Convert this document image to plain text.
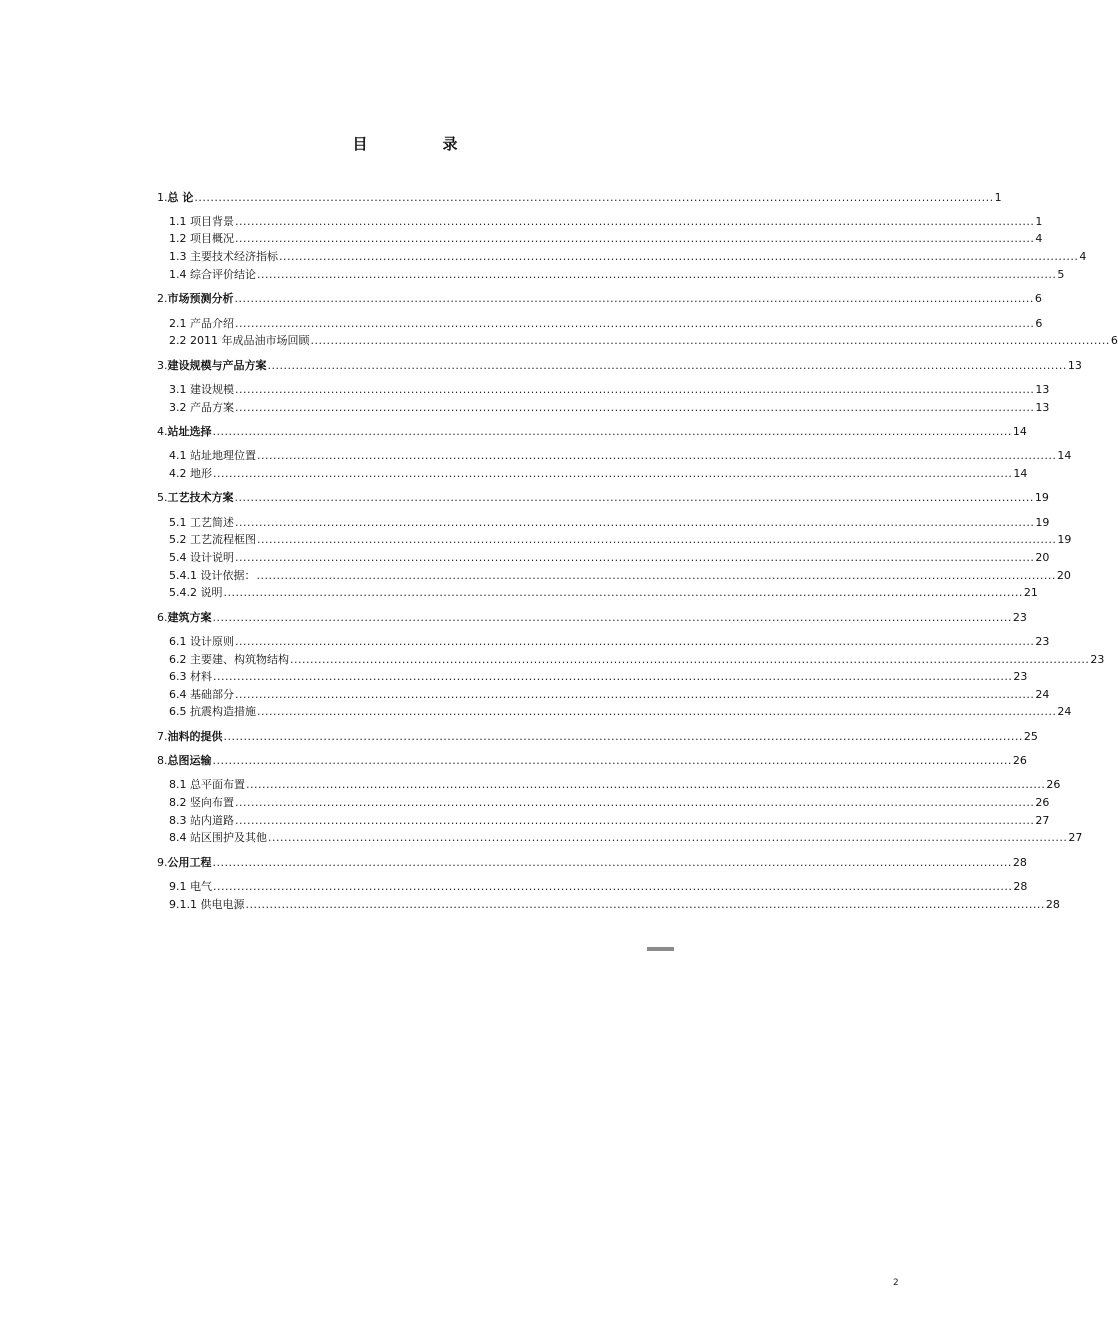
目　录
1.总 论 ........................................................................................................................................................................................................ 1
1.1 项目背景 ........................................................................................................................................................................................................ 1
1.2 项目概况 ........................................................................................................................................................................................................ 4
1.3 主要技术经济指标 ........................................................................................................................................................................................................ 4
1.4 综合评价结论 ........................................................................................................................................................................................................ 5
2.市场预测分析 ........................................................................................................................................................................................................ 6
2.1 产品介绍 ........................................................................................................................................................................................................ 6
2.2 2011 年成品油市场回顾 ........................................................................................................................................................................................................ 6
3.建设规模与产品方案 ........................................................................................................................................................................................................ 13
3.1 建设规模 ........................................................................................................................................................................................................ 13
3.2 产品方案 ........................................................................................................................................................................................................ 13
4.站址选择 ........................................................................................................................................................................................................ 14
4.1 站址地理位置 ........................................................................................................................................................................................................ 14
4.2 地形 ........................................................................................................................................................................................................ 14
5.工艺技术方案 ........................................................................................................................................................................................................ 19
5.1 工艺简述 ........................................................................................................................................................................................................ 19
5.2 工艺流程框图 ........................................................................................................................................................................................................ 19
5.4 设计说明 ........................................................................................................................................................................................................ 20
5.4.1 设计依据： ........................................................................................................................................................................................................ 20
5.4.2 说明 ........................................................................................................................................................................................................ 21
6.建筑方案 ........................................................................................................................................................................................................ 23
6.1 设计原则 ........................................................................................................................................................................................................ 23
6.2 主要建、构筑物结构 ........................................................................................................................................................................................................ 23
6.3 材料 ........................................................................................................................................................................................................ 23
6.4 基础部分 ........................................................................................................................................................................................................ 24
6.5 抗震构造措施 ........................................................................................................................................................................................................ 24
7.油料的提供 ........................................................................................................................................................................................................ 25
8.总图运输 ........................................................................................................................................................................................................ 26
8.1 总平面布置 ........................................................................................................................................................................................................ 26
8.2 竖向布置 ........................................................................................................................................................................................................ 26
8.3 站内道路 ........................................................................................................................................................................................................ 27
8.4 站区围护及其他 ........................................................................................................................................................................................................ 27
9.公用工程 ........................................................................................................................................................................................................ 28
9.1 电气 ........................................................................................................................................................................................................ 28
9.1.1 供电电源 ........................................................................................................................................................................................................ 28
2
